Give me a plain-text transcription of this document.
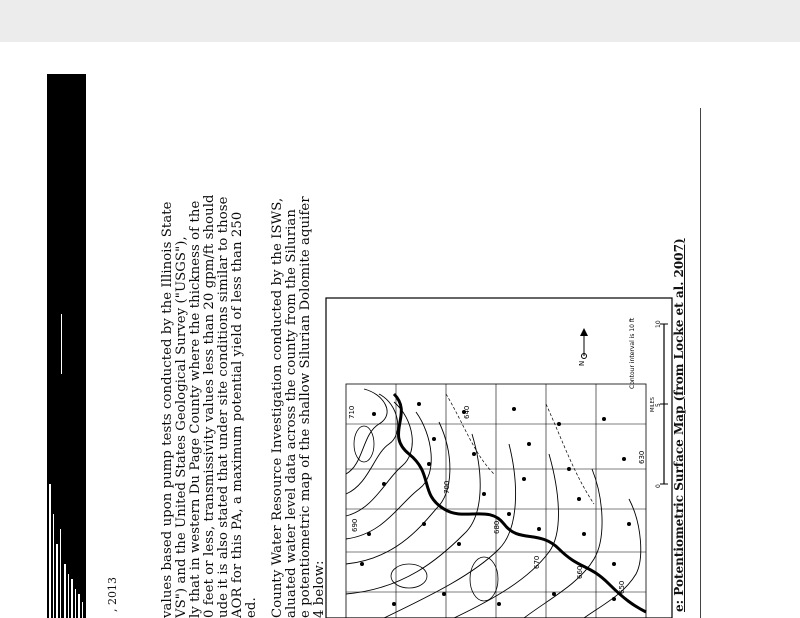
, 2013	values based upon pump tests conducted by the Illinois State VS") and the United States Geological Survey ("USGS"), ly that in western Du Page County where the thickness of the 0 feet or less, transmissivity values less than 20 gpm/ft should ude it is also stated that under site conditions similar to those AOR for this PA, a maximum potential yield of less than 250 ed. County Water Resource Investigation conducted by the ISWS, aluated water level data across the county from the Silurian e potentiometric map of the shallow Silurian Dolomite aquifer 4 below:
690
700
680
670
660
710
650
640
630
N	Contour interval is 10 ft
0
5
10
MILES e: Potentiometric Surface Map (from Locke et al. 2007)
